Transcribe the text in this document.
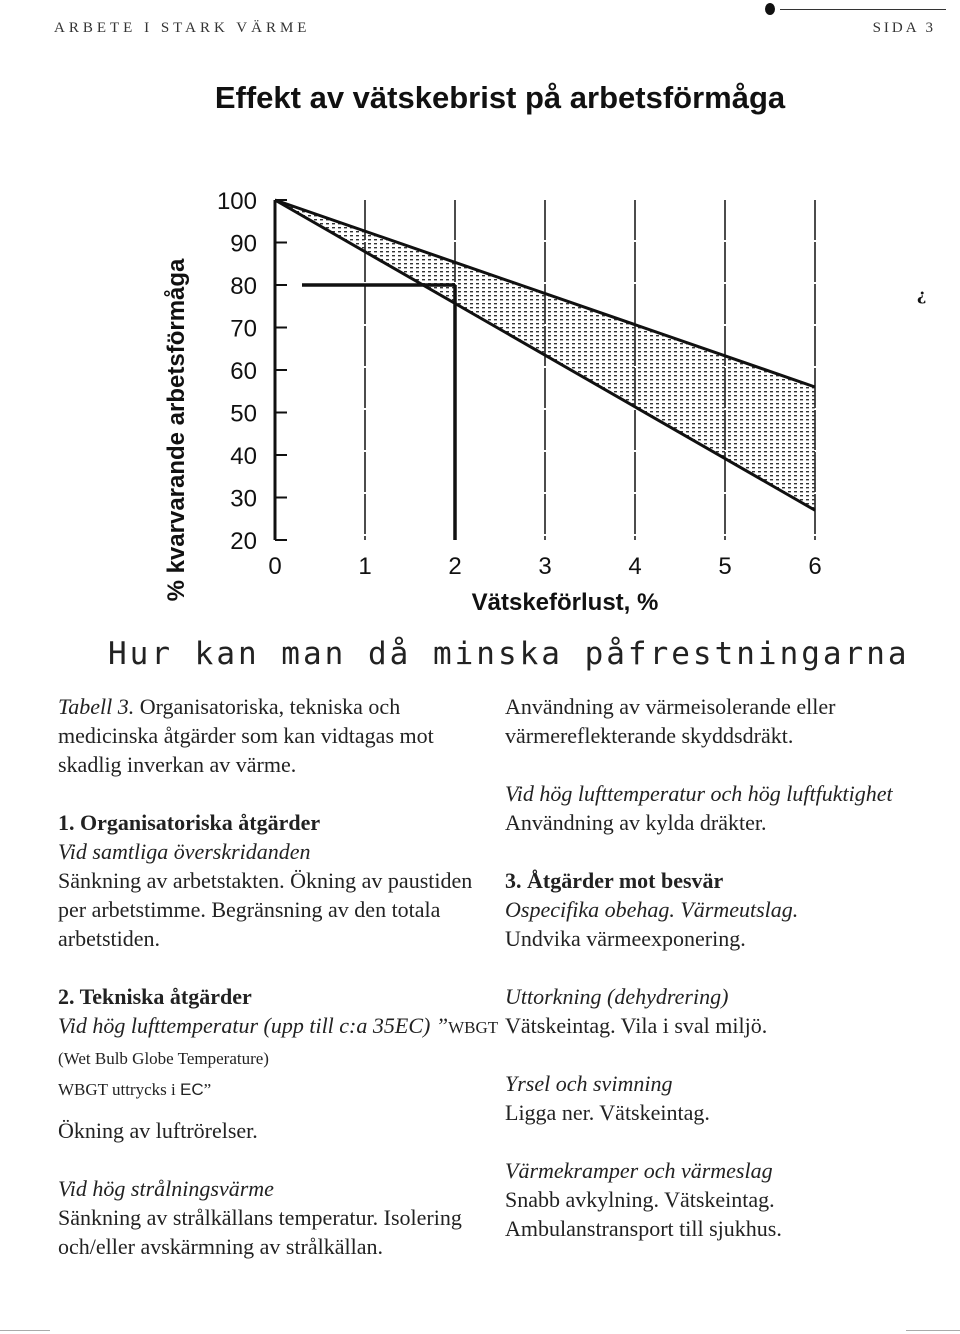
ARBETE I STARK VÄRME	SIDA 3
Effekt av vätskebrist på arbetsförmåga
% kvarvarande arbetsförmåga
Vätskeförlust, %
100
90
80
70
60
50
40
30
20
0	1	2	3	4	5	6
¿
Hur kan man då minska påfrestningarna

Tabell 3. Organisatoriska, tekniska och medicinska åtgärder som kan vidtagas mot skadlig inverkan av värme.

1. Organisatoriska åtgärder

Vid samtliga överskridanden

Sänkning av arbetstakten. Ökning av paustiden per arbetstimme. Begränsning av den totala arbetstiden.

2. Tekniska åtgärder

Vid hög lufttemperatur (upp till c:a 35EC) ”WBGT (Wet Bulb Globe Temperature)
WBGT uttrycks i EC”

Ökning av luftrörelser.

Vid hög strålningsvärme

Sänkning av strålkällans temperatur. Isolering och/eller avskärmning av strålkällan.

Användning av värmeisolerande eller värmereflekterande skyddsdräkt.

Vid hög lufttemperatur och hög luftfuktighet

Användning av kylda dräkter.

3. Åtgärder mot besvär

Ospecifika obehag. Värmeutslag.

Undvika värmeexponering.

Uttorkning (dehydrering)

Vätskeintag. Vila i sval miljö.

Yrsel och svimning

Ligga ner. Vätskeintag.

Värmekramper och värmeslag

Snabb avkylning. Vätskeintag. Ambulanstransport till sjukhus.
